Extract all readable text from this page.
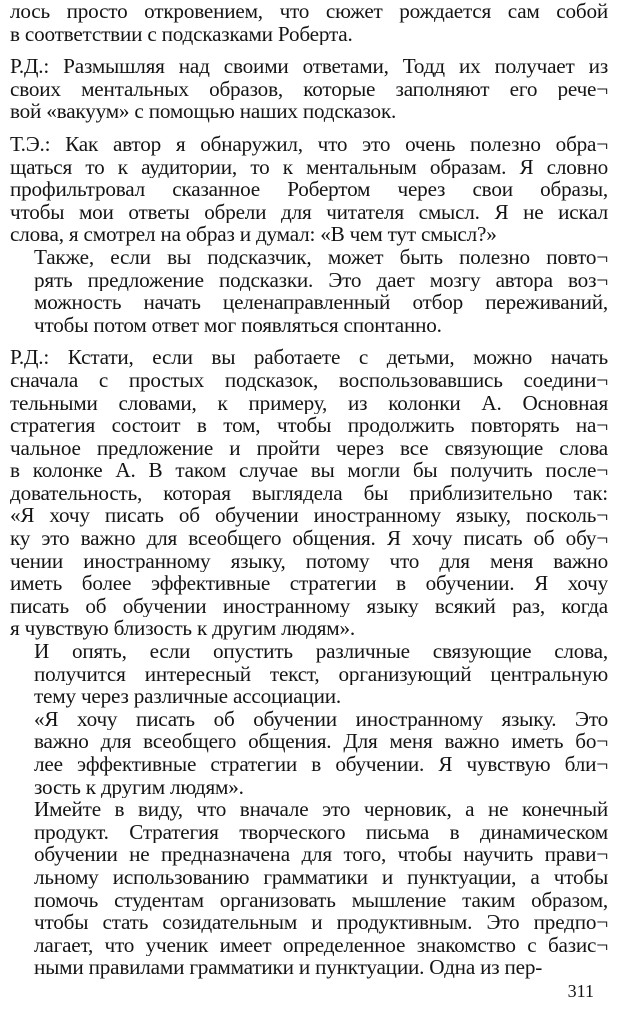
лось просто откровением, что сюжет рождается сам собой
в соответствии с подсказками Роберта.

Р.Д.: Размышляя над своими ответами, Тодд их получает из
своих ментальных образов, которые заполняют его рече¬
вой «вакуум» с помощью наших подсказок.

Т.Э.: Как автор я обнаружил, что это очень полезно обра¬
щаться то к аудитории, то к ментальным образам. Я словно
профильтровал сказанное Робертом через свои образы,
чтобы мои ответы обрели для читателя смысл. Я не искал
слова, я смотрел на образ и думал: «В чем тут смысл?»

Также, если вы подсказчик, может быть полезно повто¬
рять предложение подсказки. Это дает мозгу автора воз¬
можность начать целенаправленный отбор переживаний,
чтобы потом ответ мог появляться спонтанно.

Р.Д.: Кстати, если вы работаете с детьми, можно начать
сначала с простых подсказок, воспользовавшись соедини¬
тельными словами, к примеру, из колонки А. Основная
стратегия состоит в том, чтобы продолжить повторять на¬
чальное предложение и пройти через все связующие слова
в колонке А. В таком случае вы могли бы получить после¬
довательность, которая выглядела бы приблизительно так:
«Я хочу писать об обучении иностранному языку, посколь¬
ку это важно для всеобщего общения. Я хочу писать об обу¬
чении иностранному языку, потому что для меня важно
иметь более эффективные стратегии в обучении. Я хочу
писать об обучении иностранному языку всякий раз, когда
я чувствую близость к другим людям».

И опять, если опустить различные связующие слова,
получится интересный текст, организующий центральную
тему через различные ассоциации.

«Я хочу писать об обучении иностранному языку. Это
важно для всеобщего общения. Для меня важно иметь бо¬
лее эффективные стратегии в обучении. Я чувствую бли¬
зость к другим людям».

Имейте в виду, что вначале это черновик, а не конечный
продукт. Стратегия творческого письма в динамическом
обучении не предназначена для того, чтобы научить прави¬
льному использованию грамматики и пунктуации, а чтобы
помочь студентам организовать мышление таким образом,
чтобы стать созидательным и продуктивным. Это предпо¬
лагает, что ученик имеет определенное знакомство с базис¬
ными правилами грамматики и пунктуации. Одна из пер-

311
